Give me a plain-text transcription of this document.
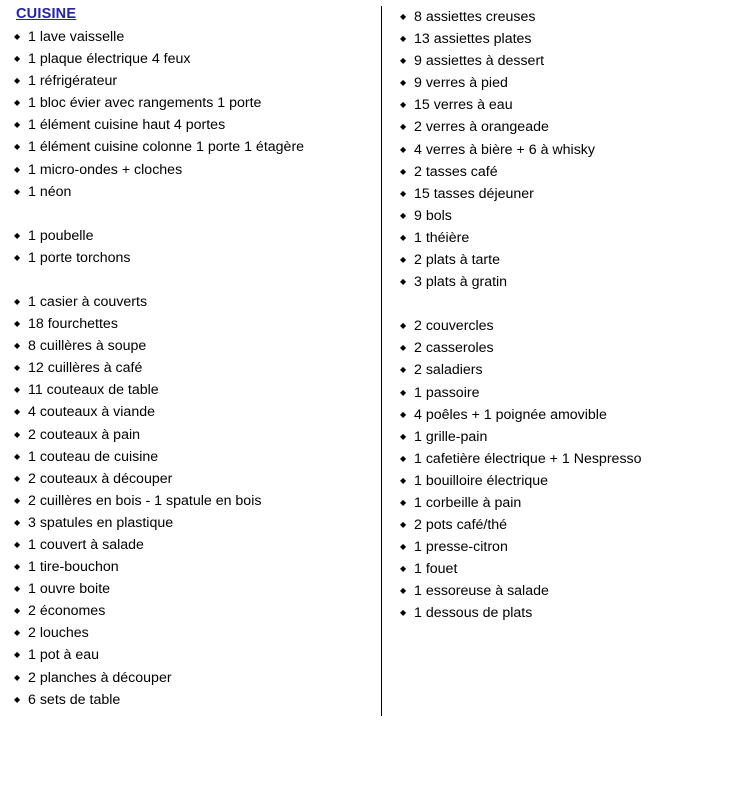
CUISINE
◆ 1 lave vaisselle
◆ 1 plaque électrique 4 feux
◆ 1 réfrigérateur
◆ 1 bloc évier avec rangements 1 porte
◆ 1 élément cuisine haut 4 portes
◆ 1 élément cuisine colonne 1 porte 1 étagère
◆ 1 micro-ondes + cloches
◆ 1 néon
◆ 1 poubelle
◆ 1 porte torchons
◆ 1 casier à couverts
◆ 18 fourchettes
◆ 8 cuillères à soupe
◆ 12 cuillères à café
◆ 11 couteaux de table
◆ 4 couteaux à viande
◆ 2 couteaux à pain
◆ 1 couteau de cuisine
◆ 2 couteaux à découper
◆ 2 cuillères en bois - 1 spatule en bois
◆ 3 spatules en plastique
◆ 1 couvert à salade
◆ 1 tire-bouchon
◆ 1 ouvre boite
◆ 2 économes
◆ 2 louches
◆ 1 pot à eau
◆ 2 planches à découper
◆ 6 sets de table
◆ 8 assiettes creuses
◆ 13 assiettes plates
◆ 9 assiettes à dessert
◆ 9 verres à pied
◆ 15 verres à eau
◆ 2 verres à orangeade
◆ 4 verres à bière + 6 à whisky
◆ 2 tasses café
◆ 15 tasses déjeuner
◆ 9 bols
◆ 1 théière
◆ 2 plats à tarte
◆ 3 plats à gratin
◆ 2 couvercles
◆ 2 casseroles
◆ 2 saladiers
◆ 1 passoire
◆ 4 poêles + 1 poignée amovible
◆ 1 grille-pain
◆ 1 cafetière électrique + 1 Nespresso
◆ 1 bouilloire électrique
◆ 1 corbeille à pain
◆ 2 pots café/thé
◆ 1 presse-citron
◆ 1 fouet
◆ 1 essoreuse à salade
◆ 1 dessous de plats
